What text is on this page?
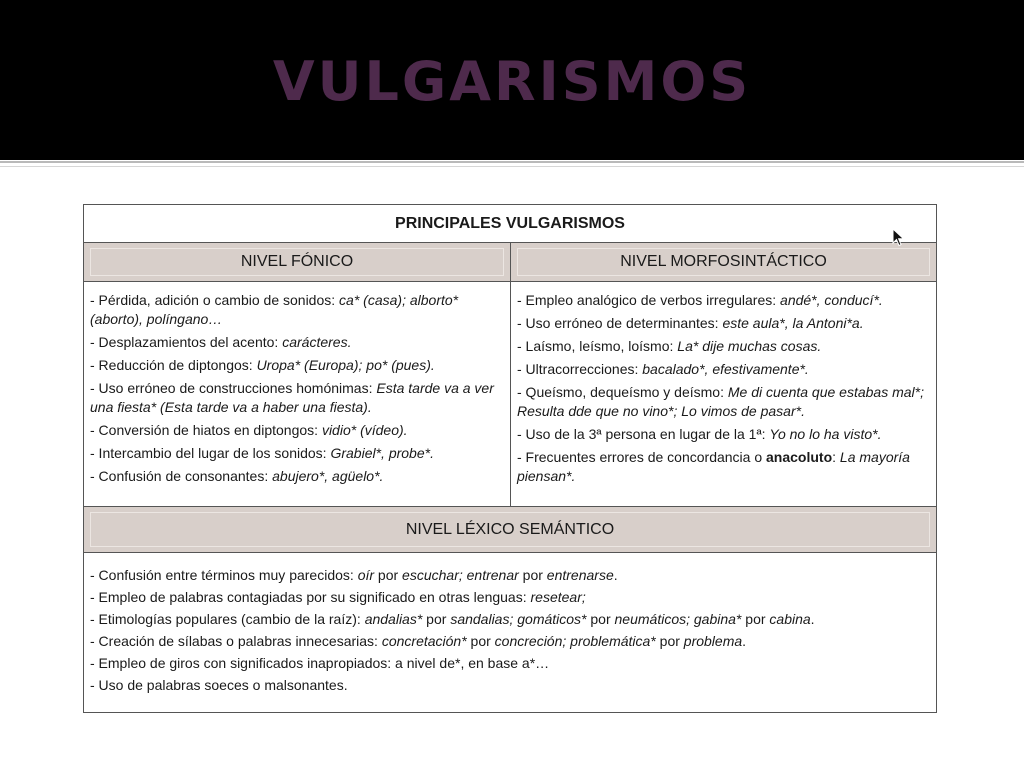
VULGARISMOS
PRINCIPALES VULGARISMOS
NIVEL FÓNICO	NIVEL MORFOSINTÁCTICO
- Pérdida, adición o cambio de sonidos: ca* (casa); alborto* (aborto), políngano…
- Desplazamientos del acento: carácteres.
- Reducción de diptongos: Uropa* (Europa); po* (pues).
- Uso erróneo de construcciones homónimas: Esta tarde va a ver una fiesta* (Esta tarde va a haber una fiesta).
- Conversión de hiatos en diptongos: vidio* (vídeo).
- Intercambio del lugar de los sonidos: Grabiel*, probe*.
- Confusión de consonantes: abujero*, agüelo*.
- Empleo analógico de verbos irregulares: andé*, conducí*.
- Uso erróneo de determinantes: este aula*, la Antoni*a.
- Laísmo, leísmo, loísmo: La* dije muchas cosas.
- Ultracorrecciones: bacalado*, efestivamente*.
- Queísmo, dequeísmo y deísmo: Me di cuenta que estabas mal*; Resulta dde que no vino*; Lo vimos de pasar*.
- Uso de la 3ª persona en lugar de la 1ª: Yo no lo ha visto*.
- Frecuentes errores de concordancia o anacoluto: La mayoría piensan*.
NIVEL LÉXICO SEMÁNTICO
- Confusión entre términos muy parecidos: oír por escuchar; entrenar por entrenarse.
- Empleo de palabras contagiadas por su significado en otras lenguas: resetear;
- Etimologías populares (cambio de la raíz): andalias* por sandalias; gomáticos* por neumáticos; gabina* por cabina.
- Creación de sílabas o palabras innecesarias: concretación* por concreción; problemática* por problema.
- Empleo de giros con significados inapropiados: a nivel de*, en base a*…
- Uso de palabras soeces o malsonantes.
